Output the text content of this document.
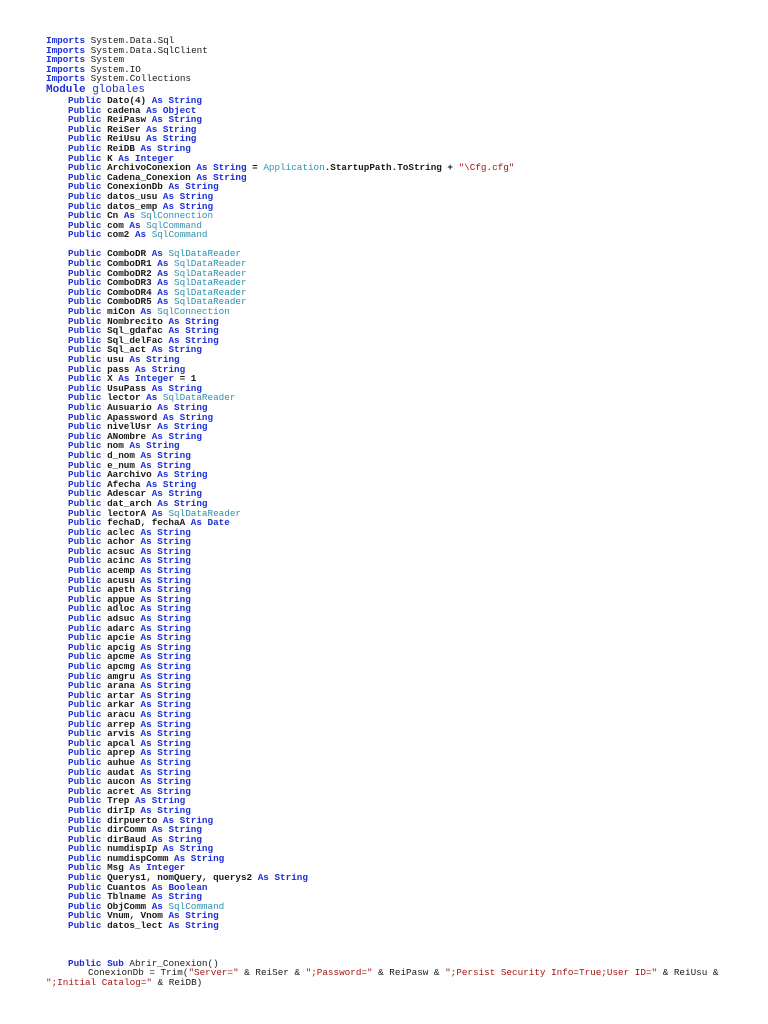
Imports System.Data.Sql
Imports System.Data.SqlClient
Imports System
Imports System.IO
Imports System.Collections
Module globales
Public Dato(4) As String
Public cadena As Object
Public ReiPasw As String
Public ReiSer As String
Public ReiUsu As String
Public ReiDB As String
Public K As Integer
Public ArchivoConexion As String = Application.StartupPath.ToString + "\Cfg.cfg"
Public Cadena_Conexion As String
Public ConexionDb As String
Public datos_usu As String
Public datos_emp As String
Public Cn As SqlConnection
Public com As SqlCommand
Public com2 As SqlCommand
Public ComboDR As SqlDataReader
Public ComboDR1 As SqlDataReader
Public ComboDR2 As SqlDataReader
Public ComboDR3 As SqlDataReader
Public ComboDR4 As SqlDataReader
Public ComboDR5 As SqlDataReader
Public miCon As SqlConnection
Public Nombrecito As String
Public Sql_gdafac As String
Public Sql_delFac As String
Public Sql_act As String
Public usu As String
Public pass As String
Public X As Integer = 1
Public UsuPass As String
Public lector As SqlDataReader
Public Ausuario As String
Public Apassword As String
Public nivelUsr As String
Public ANombre As String
Public nom As String
Public d_nom As String
Public e_num As String
Public Aarchivo As String
Public Afecha As String
Public Adescar As String
Public dat_arch As String
Public lectorA As SqlDataReader
Public fechaD, fechaA As Date
Public aclec As String
Public achor As String
Public acsuc As String
Public acinc As String
Public acemp As String
Public acusu As String
Public apeth As String
Public appue As String
Public adloc As String
Public adsuc As String
Public adarc As String
Public apcie As String
Public apcig As String
Public apcme As String
Public apcmg As String
Public amgru As String
Public arana As String
Public artar As String
Public arkar As String
Public aracu As String
Public arrep As String
Public arvis As String
Public apcal As String
Public aprep As String
Public auhue As String
Public audat As String
Public aucon As String
Public acret As String
Public Trep As String
Public dirIp As String
Public dirpuerto As String
Public dirComm As String
Public dirBaud As String
Public numdispIp As String
Public numdispComm As String
Public Msg As Integer
Public Querys1, nomQuery, querys2 As String
Public Cuantos As Boolean
Public Tblname As String
Public ObjComm As SqlCommand
Public Vnum, Vnom As String
Public datos_lect As String
Public Sub Abrir_Conexion()
ConexionDb = Trim("Server=" & ReiSer & ";Password=" & ReiPasw & ";Persist Security Info=True;User ID=" & ReiUsu &
";Initial Catalog=" & ReiDB)
